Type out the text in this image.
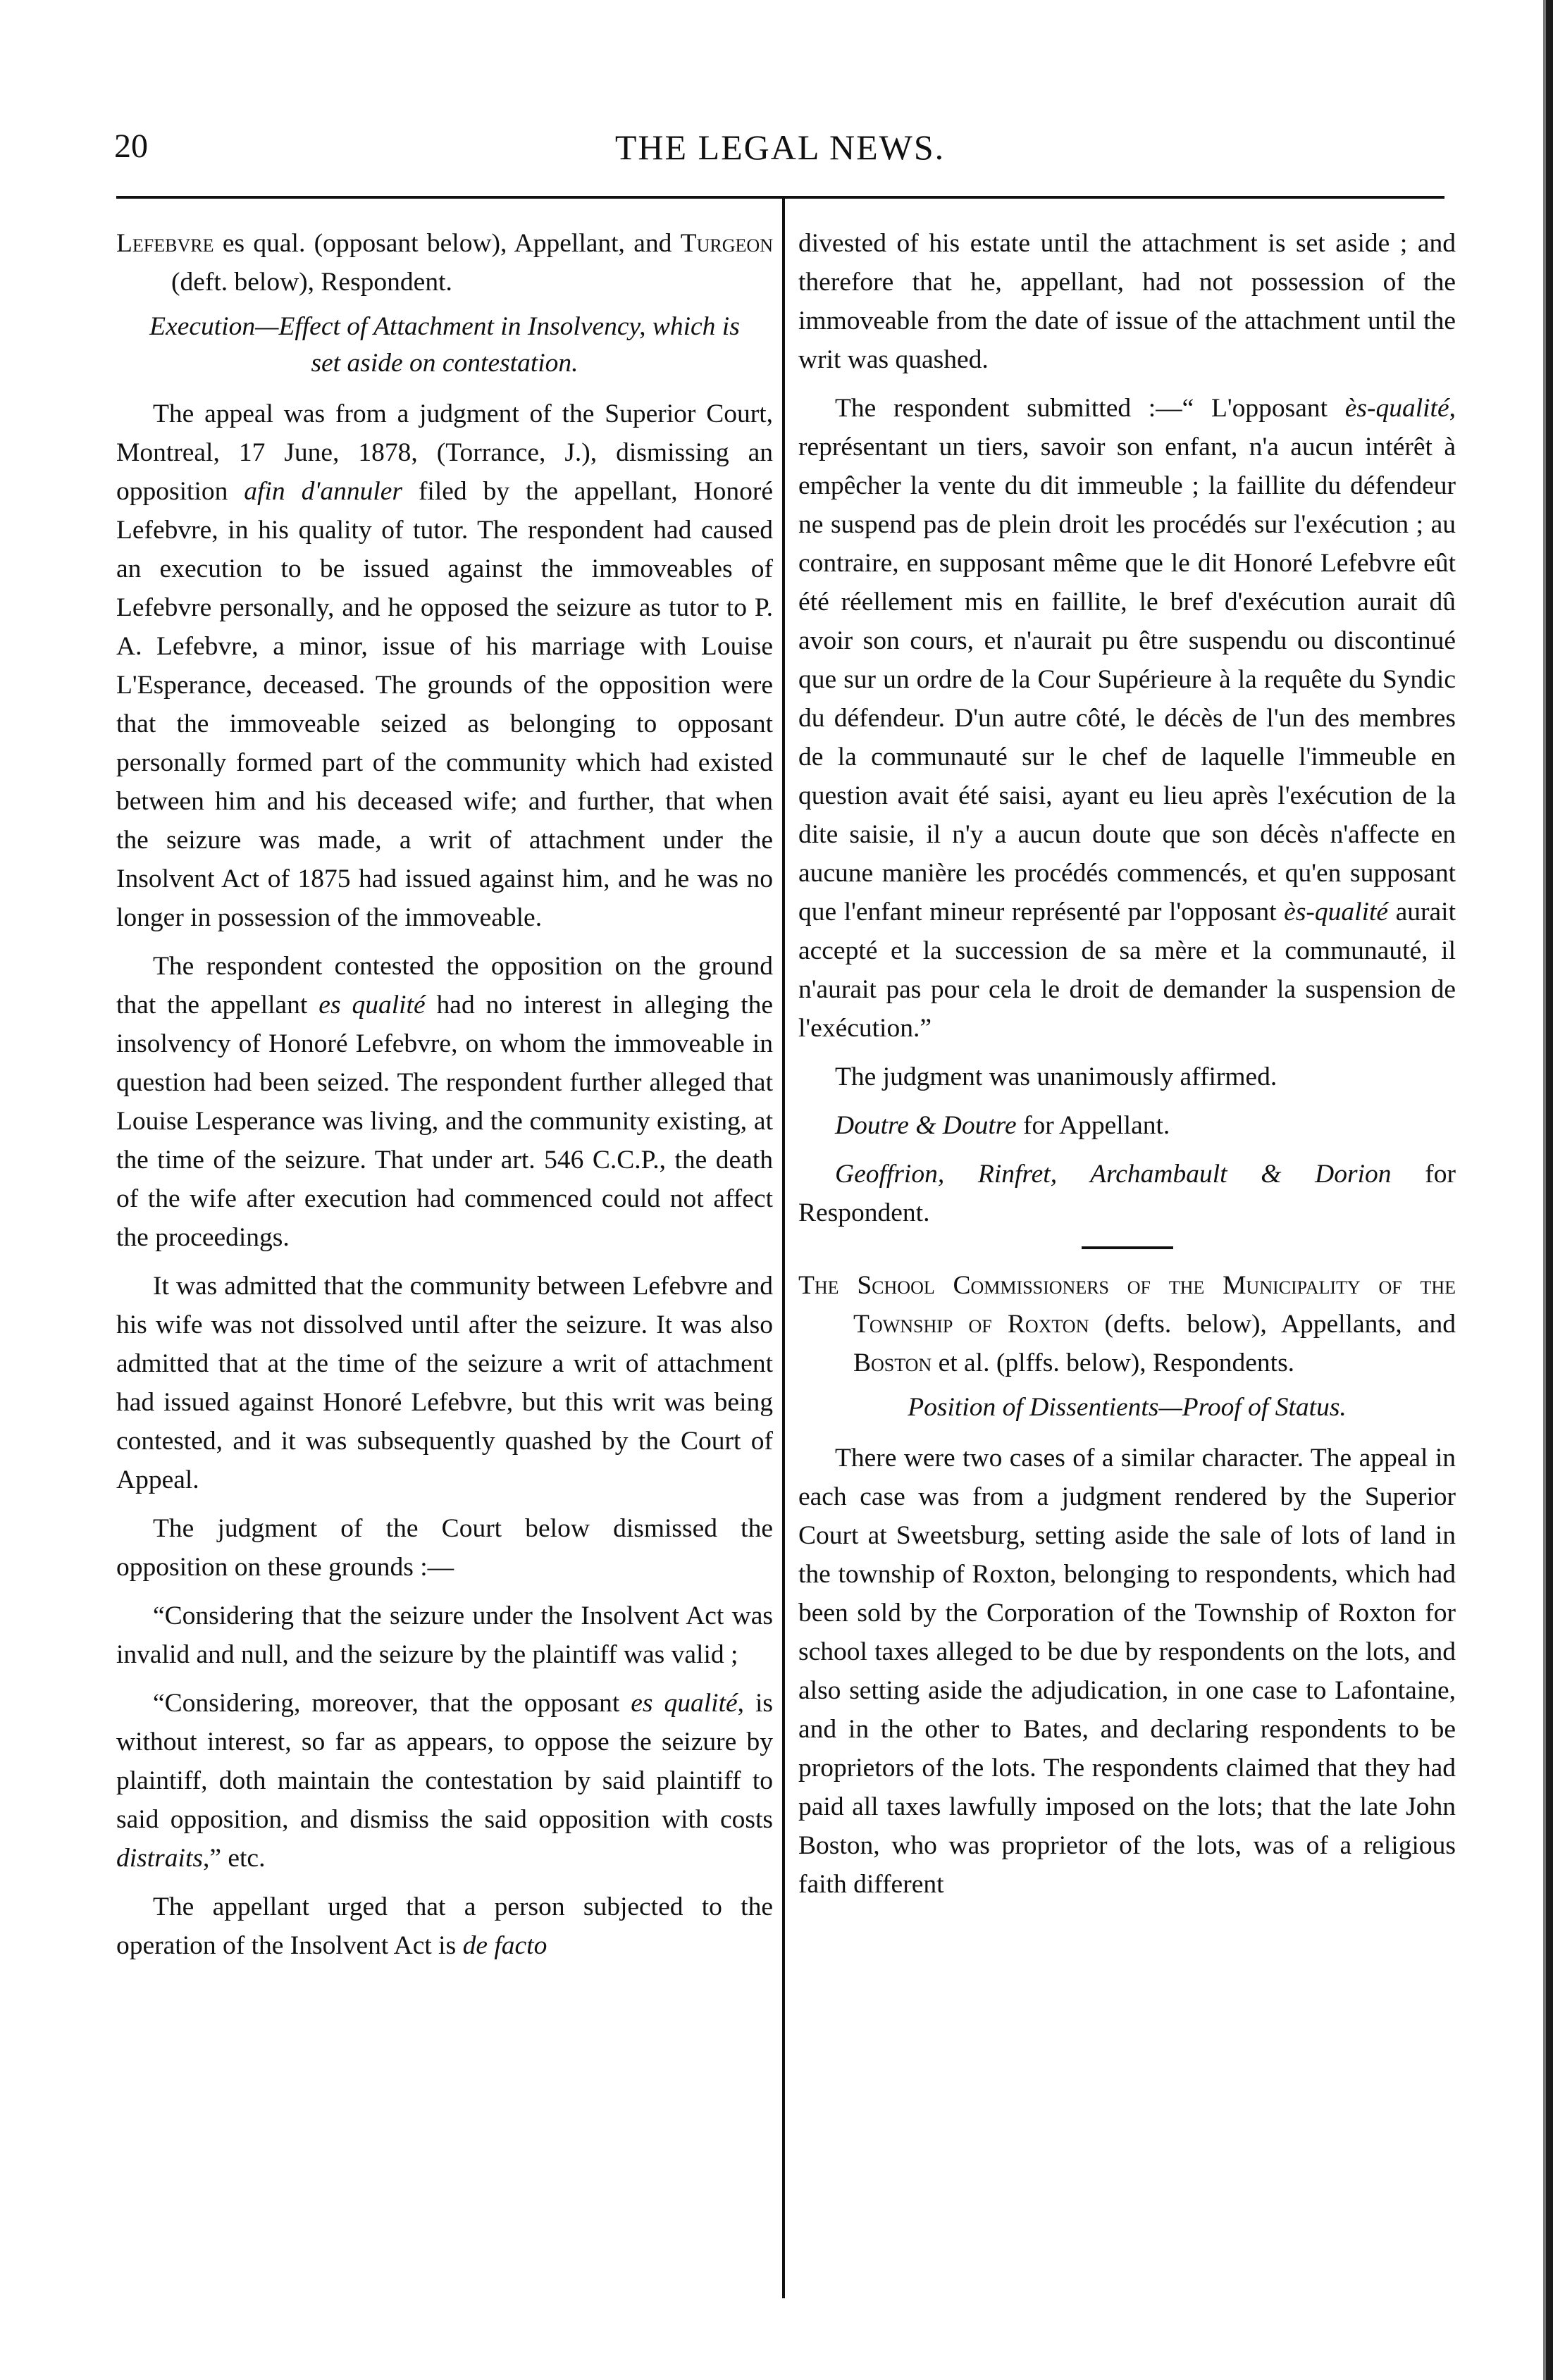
20	THE LEGAL NEWS.

Lefebvre es qual. (opposant below), Appellant, and Turgeon (deft. below), Respondent.

Execution—Effect of Attachment in Insolvency, which is set aside on contestation.

The appeal was from a judgment of the Superior Court, Montreal, 17 June, 1878, (Torrance, J.), dismissing an opposition afin d'annuler filed by the appellant, Honoré Lefebvre, in his quality of tutor. The respondent had caused an execution to be issued against the immoveables of Lefebvre personally, and he opposed the seizure as tutor to P. A. Lefebvre, a minor, issue of his marriage with Louise L'Esperance, deceased. The grounds of the opposition were that the immoveable seized as belonging to opposant personally formed part of the community which had existed between him and his deceased wife; and further, that when the seizure was made, a writ of attachment under the Insolvent Act of 1875 had issued against him, and he was no longer in possession of the immoveable.

The respondent contested the opposition on the ground that the appellant es qualité had no interest in alleging the insolvency of Honoré Lefebvre, on whom the immoveable in question had been seized. The respondent further alleged that Louise Lesperance was living, and the community existing, at the time of the seizure. That under art. 546 C.C.P., the death of the wife after execution had commenced could not affect the proceedings.

It was admitted that the community between Lefebvre and his wife was not dissolved until after the seizure. It was also admitted that at the time of the seizure a writ of attachment had issued against Honoré Lefebvre, but this writ was being contested, and it was subsequently quashed by the Court of Appeal.

The judgment of the Court below dismissed the opposition on these grounds :—

“Considering that the seizure under the Insolvent Act was invalid and null, and the seizure by the plaintiff was valid ;

“Considering, moreover, that the opposant es qualité, is without interest, so far as appears, to oppose the seizure by plaintiff, doth maintain the contestation by said plaintiff to said opposition, and dismiss the said opposition with costs distraits,” etc.

The appellant urged that a person subjected to the operation of the Insolvent Act is de facto

divested of his estate until the attachment is set aside ; and therefore that he, appellant, had not possession of the immoveable from the date of issue of the attachment until the writ was quashed.

The respondent submitted :—“ L'opposant ès-qualité, représentant un tiers, savoir son enfant, n'a aucun intérêt à empêcher la vente du dit immeuble ; la faillite du défendeur ne suspend pas de plein droit les procédés sur l'exécution ; au contraire, en supposant même que le dit Honoré Lefebvre eût été réellement mis en faillite, le bref d'exécution aurait dû avoir son cours, et n'aurait pu être suspendu ou discontinué que sur un ordre de la Cour Supérieure à la requête du Syndic du défendeur. D'un autre côté, le décès de l'un des membres de la communauté sur le chef de laquelle l'immeuble en question avait été saisi, ayant eu lieu après l'exécution de la dite saisie, il n'y a aucun doute que son décès n'affecte en aucune manière les procédés commencés, et qu'en supposant que l'enfant mineur représenté par l'opposant ès-qualité aurait accepté et la succession de sa mère et la communauté, il n'aurait pas pour cela le droit de demander la suspension de l'exécution.”

The judgment was unanimously affirmed.

Doutre & Doutre for Appellant.

Geoffrion, Rinfret, Archambault & Dorion for Respondent.

The School Commissioners of the Municipality of the Township of Roxton (defts. below), Appellants, and Boston et al. (plffs. below), Respondents.

Position of Dissentients—Proof of Status.

There were two cases of a similar character. The appeal in each case was from a judgment rendered by the Superior Court at Sweetsburg, setting aside the sale of lots of land in the township of Roxton, belonging to respondents, which had been sold by the Corporation of the Township of Roxton for school taxes alleged to be due by respondents on the lots, and also setting aside the adjudication, in one case to Lafontaine, and in the other to Bates, and declaring respondents to be proprietors of the lots. The respondents claimed that they had paid all taxes lawfully imposed on the lots; that the late John Boston, who was proprietor of the lots, was of a religious faith different
